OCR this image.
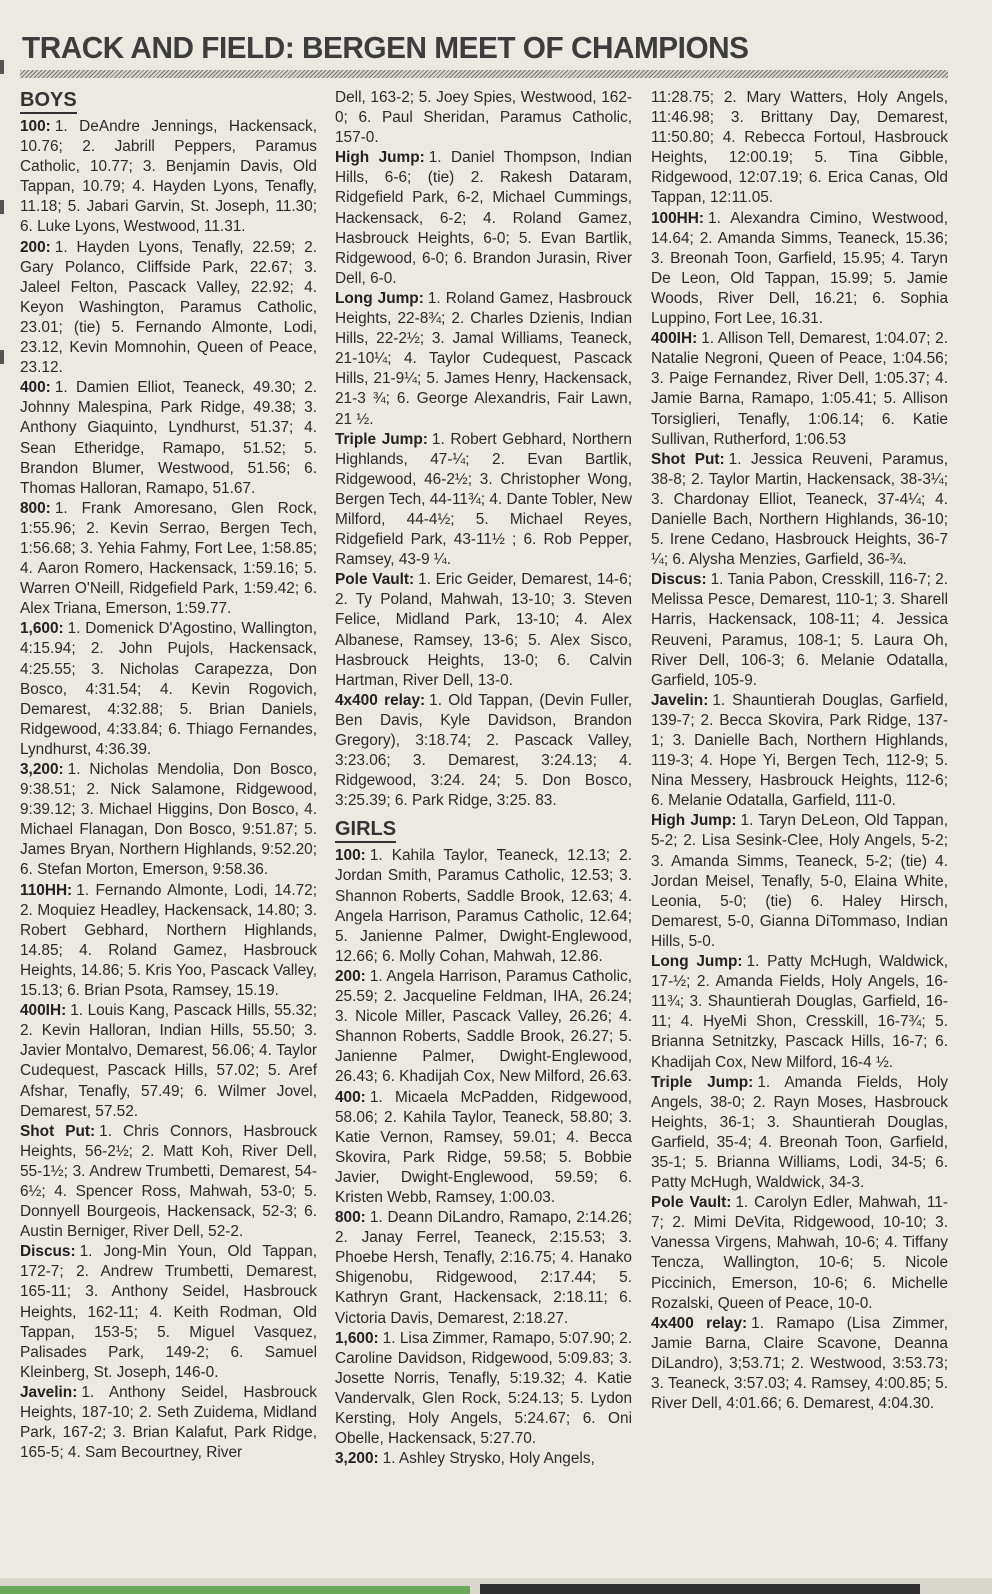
TRACK AND FIELD: BERGEN MEET OF CHAMPIONS
BOYS

100: 1. DeAndre Jennings, Hackensack, 10.76; 2. Jabrill Peppers, Paramus Catholic, 10.77; 3. Benjamin Davis, Old Tappan, 10.79; 4. Hayden Lyons, Tenafly, 11.18; 5. Jabari Garvin, St. Joseph, 11.30; 6. Luke Lyons, Westwood, 11.31.

200: 1. Hayden Lyons, Tenafly, 22.59; 2. Gary Polanco, Cliffside Park, 22.67; 3. Jaleel Felton, Pascack Valley, 22.92; 4. Keyon Washington, Paramus Catholic, 23.01; (tie) 5. Fernando Almonte, Lodi, 23.12, Kevin Momnohin, Queen of Peace, 23.12.

400: 1. Damien Elliot, Teaneck, 49.30; 2. Johnny Malespina, Park Ridge, 49.38; 3. Anthony Giaquinto, Lyndhurst, 51.37; 4. Sean Etheridge, Ramapo, 51.52; 5. Brandon Blumer, Westwood, 51.56; 6. Thomas Halloran, Ramapo, 51.67.

800: 1. Frank Amoresano, Glen Rock, 1:55.96; 2. Kevin Serrao, Bergen Tech, 1:56.68; 3. Yehia Fahmy, Fort Lee, 1:58.85; 4. Aaron Romero, Hackensack, 1:59.16; 5. Warren O'Neill, Ridgefield Park, 1:59.42; 6. Alex Triana, Emerson, 1:59.77.

1,600: 1. Domenick D'Agostino, Wallington, 4:15.94; 2. John Pujols, Hackensack, 4:25.55; 3. Nicholas Carapezza, Don Bosco, 4:31.54; 4. Kevin Rogovich, Demarest, 4:32.88; 5. Brian Daniels, Ridgewood, 4:33.84; 6. Thiago Fernandes, Lyndhurst, 4:36.39.

3,200: 1. Nicholas Mendolia, Don Bosco, 9:38.51; 2. Nick Salamone, Ridgewood, 9:39.12; 3. Michael Higgins, Don Bosco, 4. Michael Flanagan, Don Bosco, 9:51.87; 5. James Bryan, Northern Highlands, 9:52.20; 6. Stefan Morton, Emerson, 9:58.36.

110HH: 1. Fernando Almonte, Lodi, 14.72; 2. Moquiez Headley, Hackensack, 14.80; 3. Robert Gebhard, Northern Highlands, 14.85; 4. Roland Gamez, Hasbrouck Heights, 14.86; 5. Kris Yoo, Pascack Valley, 15.13; 6. Brian Psota, Ramsey, 15.19.

400IH: 1. Louis Kang, Pascack Hills, 55.32; 2. Kevin Halloran, Indian Hills, 55.50; 3. Javier Montalvo, Demarest, 56.06; 4. Taylor Cudequest, Pascack Hills, 57.02; 5. Aref Afshar, Tenafly, 57.49; 6. Wilmer Jovel, Demarest, 57.52.

Shot Put: 1. Chris Connors, Hasbrouck Heights, 56-2½; 2. Matt Koh, River Dell, 55-1½; 3. Andrew Trumbetti, Demarest, 54-6½; 4. Spencer Ross, Mahwah, 53-0; 5. Donnyell Bourgeois, Hackensack, 52-3; 6. Austin Berniger, River Dell, 52-2.

Discus: 1. Jong-Min Youn, Old Tappan, 172-7; 2. Andrew Trumbetti, Demarest, 165-11; 3. Anthony Seidel, Hasbrouck Heights, 162-11; 4. Keith Rodman, Old Tappan, 153-5; 5. Miguel Vasquez, Palisades Park, 149-2; 6. Samuel Kleinberg, St. Joseph, 146-0.

Javelin: 1. Anthony Seidel, Hasbrouck Heights, 187-10; 2. Seth Zuidema, Midland Park, 167-2; 3. Brian Kalafut, Park Ridge, 165-5; 4. Sam Becourtney, River

Dell, 163-2; 5. Joey Spies, Westwood, 162-0; 6. Paul Sheridan, Paramus Catholic, 157-0.

High Jump: 1. Daniel Thompson, Indian Hills, 6-6; (tie) 2. Rakesh Dataram, Ridgefield Park, 6-2, Michael Cummings, Hackensack, 6-2; 4. Roland Gamez, Hasbrouck Heights, 6-0; 5. Evan Bartlik, Ridgewood, 6-0; 6. Brandon Jurasin, River Dell, 6-0.

Long Jump: 1. Roland Gamez, Hasbrouck Heights, 22-8¾; 2. Charles Dzienis, Indian Hills, 22-2½; 3. Jamal Williams, Teaneck, 21-10¼; 4. Taylor Cudequest, Pascack Hills, 21-9¼; 5. James Henry, Hackensack, 21-3 ¾; 6. George Alexandris, Fair Lawn, 21 ½.

Triple Jump: 1. Robert Gebhard, Northern Highlands, 47-¼; 2. Evan Bartlik, Ridgewood, 46-2½; 3. Christopher Wong, Bergen Tech, 44-11¾; 4. Dante Tobler, New Milford, 44-4½; 5. Michael Reyes, Ridgefield Park, 43-11½ ; 6. Rob Pepper, Ramsey, 43-9 ¼.

Pole Vault: 1. Eric Geider, Demarest, 14-6; 2. Ty Poland, Mahwah, 13-10; 3. Steven Felice, Midland Park, 13-10; 4. Alex Albanese, Ramsey, 13-6; 5. Alex Sisco, Hasbrouck Heights, 13-0; 6. Calvin Hartman, River Dell, 13-0.

4x400 relay: 1. Old Tappan, (Devin Fuller, Ben Davis, Kyle Davidson, Brandon Gregory), 3:18.74; 2. Pascack Valley, 3:23.06; 3. Demarest, 3:24.13; 4. Ridgewood, 3:24. 24; 5. Don Bosco, 3:25.39; 6. Park Ridge, 3:25. 83.

GIRLS

100: 1. Kahila Taylor, Teaneck, 12.13; 2. Jordan Smith, Paramus Catholic, 12.53; 3. Shannon Roberts, Saddle Brook, 12.63; 4. Angela Harrison, Paramus Catholic, 12.64; 5. Janienne Palmer, Dwight-Englewood, 12.66; 6. Molly Cohan, Mahwah, 12.86.

200: 1. Angela Harrison, Paramus Catholic, 25.59; 2. Jacqueline Feldman, IHA, 26.24; 3. Nicole Miller, Pascack Valley, 26.26; 4. Shannon Roberts, Saddle Brook, 26.27; 5. Janienne Palmer, Dwight-Englewood, 26.43; 6. Khadijah Cox, New Milford, 26.63.

400: 1. Micaela McPadden, Ridgewood, 58.06; 2. Kahila Taylor, Teaneck, 58.80; 3. Katie Vernon, Ramsey, 59.01; 4. Becca Skovira, Park Ridge, 59.58; 5. Bobbie Javier, Dwight-Englewood, 59.59; 6. Kristen Webb, Ramsey, 1:00.03.

800: 1. Deann DiLandro, Ramapo, 2:14.26; 2. Janay Ferrel, Teaneck, 2:15.53; 3. Phoebe Hersh, Tenafly, 2:16.75; 4. Hanako Shigenobu, Ridgewood, 2:17.44; 5. Kathryn Grant, Hackensack, 2:18.11; 6. Victoria Davis, Demarest, 2:18.27.

1,600: 1. Lisa Zimmer, Ramapo, 5:07.90; 2. Caroline Davidson, Ridgewood, 5:09.83; 3. Josette Norris, Tenafly, 5:19.32; 4. Katie Vandervalk, Glen Rock, 5:24.13; 5. Lydon Kersting, Holy Angels, 5:24.67; 6. Oni Obelle, Hackensack, 5:27.70.

3,200: 1. Ashley Strysko, Holy Angels,

11:28.75; 2. Mary Watters, Holy Angels, 11:46.98; 3. Brittany Day, Demarest, 11:50.80; 4. Rebecca Fortoul, Hasbrouck Heights, 12:00.19; 5. Tina Gibble, Ridgewood, 12:07.19; 6. Erica Canas, Old Tappan, 12:11.05.

100HH: 1. Alexandra Cimino, Westwood, 14.64; 2. Amanda Simms, Teaneck, 15.36; 3. Breonah Toon, Garfield, 15.95; 4. Taryn De Leon, Old Tappan, 15.99; 5. Jamie Woods, River Dell, 16.21; 6. Sophia Luppino, Fort Lee, 16.31.

400IH: 1. Allison Tell, Demarest, 1:04.07; 2. Natalie Negroni, Queen of Peace, 1:04.56; 3. Paige Fernandez, River Dell, 1:05.37; 4. Jamie Barna, Ramapo, 1:05.41; 5. Allison Torsiglieri, Tenafly, 1:06.14; 6. Katie Sullivan, Rutherford, 1:06.53

Shot Put: 1. Jessica Reuveni, Paramus, 38-8; 2. Taylor Martin, Hackensack, 38-3¼; 3. Chardonay Elliot, Teaneck, 37-4¼; 4. Danielle Bach, Northern Highlands, 36-10; 5. Irene Cedano, Hasbrouck Heights, 36-7 ¼; 6. Alysha Menzies, Garfield, 36-¾.

Discus: 1. Tania Pabon, Cresskill, 116-7; 2. Melissa Pesce, Demarest, 110-1; 3. Sharell Harris, Hackensack, 108-11; 4. Jessica Reuveni, Paramus, 108-1; 5. Laura Oh, River Dell, 106-3; 6. Melanie Odatalla, Garfield, 105-9.

Javelin: 1. Shauntierah Douglas, Garfield, 139-7; 2. Becca Skovira, Park Ridge, 137-1; 3. Danielle Bach, Northern Highlands, 119-3; 4. Hope Yi, Bergen Tech, 112-9; 5. Nina Messery, Hasbrouck Heights, 112-6; 6. Melanie Odatalla, Garfield, 111-0.

High Jump: 1. Taryn DeLeon, Old Tappan, 5-2; 2. Lisa Sesink-Clee, Holy Angels, 5-2; 3. Amanda Simms, Teaneck, 5-2; (tie) 4. Jordan Meisel, Tenafly, 5-0, Elaina White, Leonia, 5-0; (tie) 6. Haley Hirsch, Demarest, 5-0, Gianna DiTommaso, Indian Hills, 5-0.

Long Jump: 1. Patty McHugh, Waldwick, 17-½; 2. Amanda Fields, Holy Angels, 16-11¾; 3. Shauntierah Douglas, Garfield, 16-11; 4. HyeMi Shon, Cresskill, 16-7¾; 5. Brianna Setnitzky, Pascack Hills, 16-7; 6. Khadijah Cox, New Milford, 16-4 ½.

Triple Jump: 1. Amanda Fields, Holy Angels, 38-0; 2. Rayn Moses, Hasbrouck Heights, 36-1; 3. Shauntierah Douglas, Garfield, 35-4; 4. Breonah Toon, Garfield, 35-1; 5. Brianna Williams, Lodi, 34-5; 6. Patty McHugh, Waldwick, 34-3.

Pole Vault: 1. Carolyn Edler, Mahwah, 11-7; 2. Mimi DeVita, Ridgewood, 10-10; 3. Vanessa Virgens, Mahwah, 10-6; 4. Tiffany Tencza, Wallington, 10-6; 5. Nicole Piccinich, Emerson, 10-6; 6. Michelle Rozalski, Queen of Peace, 10-0.

4x400 relay: 1. Ramapo (Lisa Zimmer, Jamie Barna, Claire Scavone, Deanna DiLandro), 3;53.71; 2. Westwood, 3:53.73; 3. Teaneck, 3:57.03; 4. Ramsey, 4:00.85; 5. River Dell, 4:01.66; 6. Demarest, 4:04.30.
